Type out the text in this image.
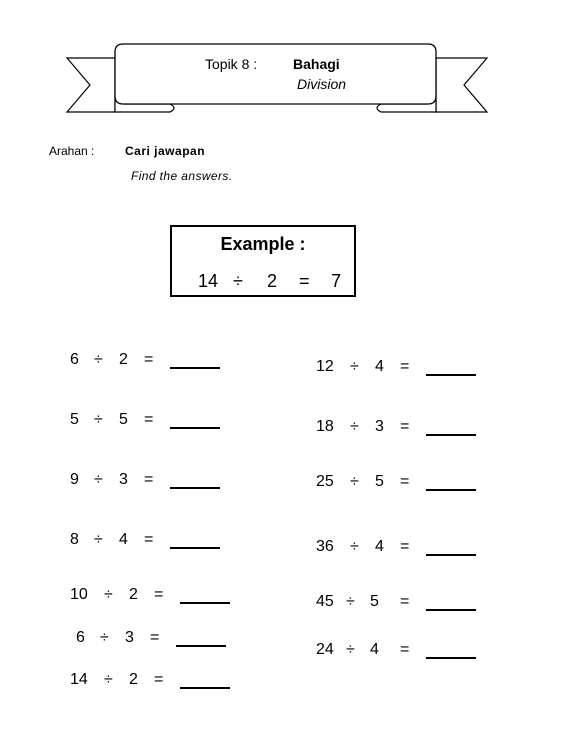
Topik 8 :	Bahagi
Division
Arahan :	Cari jawapan
Find the answers.
Example :
14 ÷ 2 = 7
6 ÷ 2 =
5 ÷ 5 =
9 ÷ 3 =
8 ÷ 4 =
10 ÷ 2 =
6 ÷ 3 =
14 ÷ 2 =
12 ÷ 4 =
18 ÷ 3 =
25 ÷ 5 =
36 ÷ 4 =
45 ÷ 5 =
24 ÷ 4 =
